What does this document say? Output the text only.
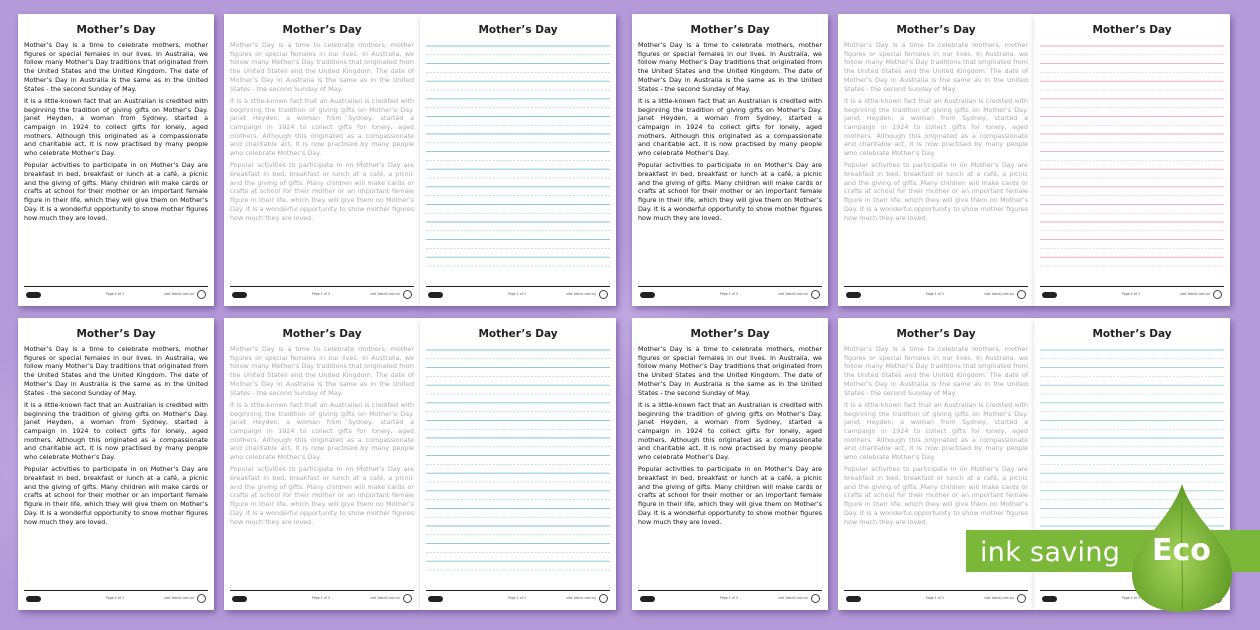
Mother’s Day

Mother’s Day is a time to celebrate mothers, mother figures or special females in our lives. In Australia, we follow many Mother’s Day traditions that originated from the United States and the United Kingdom. The date of Mother’s Day in Australia is the same as in the United States - the second Sunday of May.

It is a little-known fact that an Australian is credited with beginning the tradition of giving gifts on Mother’s Day. Janet Heyden, a woman from Sydney, started a campaign in 1924 to collect gifts for lonely, aged mothers. Although this originated as a compassionate and charitable act, it is now practised by many people who celebrate Mother’s Day.

Popular activities to participate in on Mother’s Day are breakfast in bed, breakfast or lunch at a café, a picnic and the giving of gifts. Many children will make cards or crafts at school for their mother or an important female figure in their life, which they will give them on Mother’s Day. It is a wonderful opportunity to show mother figures how much they are loved.

Page 1 of 3	visit twinkl.com.au
Mother’s Day

Mother’s Day is a time to celebrate mothers, mother figures or special females in our lives. In Australia, we follow many Mother’s Day traditions that originated from the United States and the United Kingdom. The date of Mother’s Day in Australia is the same as in the United States - the second Sunday of May.

It is a little-known fact that an Australian is credited with beginning the tradition of giving gifts on Mother’s Day. Janet Heyden, a woman from Sydney, started a campaign in 1924 to collect gifts for lonely, aged mothers. Although this originated as a compassionate and charitable act, it is now practised by many people who celebrate Mother’s Day.

Popular activities to participate in on Mother’s Day are breakfast in bed, breakfast or lunch at a café, a picnic and the giving of gifts. Many children will make cards or crafts at school for their mother or an important female figure in their life, which they will give them on Mother’s Day. It is a wonderful opportunity to show mother figures how much they are loved.

Page 1 of 3	visit twinkl.com.au
Mother’s Day
Page 1 of 3	visit twinkl.com.au
Mother’s Day

Mother’s Day is a time to celebrate mothers, mother figures or special females in our lives. In Australia, we follow many Mother’s Day traditions that originated from the United States and the United Kingdom. The date of Mother’s Day in Australia is the same as in the United States - the second Sunday of May.

It is a little-known fact that an Australian is credited with beginning the tradition of giving gifts on Mother’s Day. Janet Heyden, a woman from Sydney, started a campaign in 1924 to collect gifts for lonely, aged mothers. Although this originated as a compassionate and charitable act, it is now practised by many people who celebrate Mother’s Day.

Popular activities to participate in on Mother’s Day are breakfast in bed, breakfast or lunch at a café, a picnic and the giving of gifts. Many children will make cards or crafts at school for their mother or an important female figure in their life, which they will give them on Mother’s Day. It is a wonderful opportunity to show mother figures how much they are loved.

Page 1 of 3	visit twinkl.com.au
Mother’s Day

Mother’s Day is a time to celebrate mothers, mother figures or special females in our lives. In Australia, we follow many Mother’s Day traditions that originated from the United States and the United Kingdom. The date of Mother’s Day in Australia is the same as in the United States - the second Sunday of May.

It is a little-known fact that an Australian is credited with beginning the tradition of giving gifts on Mother’s Day. Janet Heyden, a woman from Sydney, started a campaign in 1924 to collect gifts for lonely, aged mothers. Although this originated as a compassionate and charitable act, it is now practised by many people who celebrate Mother’s Day.

Popular activities to participate in on Mother’s Day are breakfast in bed, breakfast or lunch at a café, a picnic and the giving of gifts. Many children will make cards or crafts at school for their mother or an important female figure in their life, which they will give them on Mother’s Day. It is a wonderful opportunity to show mother figures how much they are loved.

Page 1 of 3	visit twinkl.com.au
Mother’s Day
Page 1 of 3	visit twinkl.com.au
Mother’s Day

Mother’s Day is a time to celebrate mothers, mother figures or special females in our lives. In Australia, we follow many Mother’s Day traditions that originated from the United States and the United Kingdom. The date of Mother’s Day in Australia is the same as in the United States - the second Sunday of May.

It is a little-known fact that an Australian is credited with beginning the tradition of giving gifts on Mother’s Day. Janet Heyden, a woman from Sydney, started a campaign in 1924 to collect gifts for lonely, aged mothers. Although this originated as a compassionate and charitable act, it is now practised by many people who celebrate Mother’s Day.

Popular activities to participate in on Mother’s Day are breakfast in bed, breakfast or lunch at a café, a picnic and the giving of gifts. Many children will make cards or crafts at school for their mother or an important female figure in their life, which they will give them on Mother’s Day. It is a wonderful opportunity to show mother figures how much they are loved.

Page 1 of 3	visit twinkl.com.au
Mother’s Day

Mother’s Day is a time to celebrate mothers, mother figures or special females in our lives. In Australia, we follow many Mother’s Day traditions that originated from the United States and the United Kingdom. The date of Mother’s Day in Australia is the same as in the United States - the second Sunday of May.

It is a little-known fact that an Australian is credited with beginning the tradition of giving gifts on Mother’s Day. Janet Heyden, a woman from Sydney, started a campaign in 1924 to collect gifts for lonely, aged mothers. Although this originated as a compassionate and charitable act, it is now practised by many people who celebrate Mother’s Day.

Popular activities to participate in on Mother’s Day are breakfast in bed, breakfast or lunch at a café, a picnic and the giving of gifts. Many children will make cards or crafts at school for their mother or an important female figure in their life, which they will give them on Mother’s Day. It is a wonderful opportunity to show mother figures how much they are loved.

Page 1 of 3	visit twinkl.com.au
Mother’s Day
Page 1 of 3	visit twinkl.com.au
Mother’s Day

Mother’s Day is a time to celebrate mothers, mother figures or special females in our lives. In Australia, we follow many Mother’s Day traditions that originated from the United States and the United Kingdom. The date of Mother’s Day in Australia is the same as in the United States - the second Sunday of May.

It is a little-known fact that an Australian is credited with beginning the tradition of giving gifts on Mother’s Day. Janet Heyden, a woman from Sydney, started a campaign in 1924 to collect gifts for lonely, aged mothers. Although this originated as a compassionate and charitable act, it is now practised by many people who celebrate Mother’s Day.

Popular activities to participate in on Mother’s Day are breakfast in bed, breakfast or lunch at a café, a picnic and the giving of gifts. Many children will make cards or crafts at school for their mother or an important female figure in their life, which they will give them on Mother’s Day. It is a wonderful opportunity to show mother figures how much they are loved.

Page 1 of 3	visit twinkl.com.au
Mother’s Day

Mother’s Day is a time to celebrate mothers, mother figures or special females in our lives. In Australia, we follow many Mother’s Day traditions that originated from the United States and the United Kingdom. The date of Mother’s Day in Australia is the same as in the United States - the second Sunday of May.

It is a little-known fact that an Australian is credited with beginning the tradition of giving gifts on Mother’s Day. Janet Heyden, a woman from Sydney, started a campaign in 1924 to collect gifts for lonely, aged mothers. Although this originated as a compassionate and charitable act, it is now practised by many people who celebrate Mother’s Day.

Popular activities to participate in on Mother’s Day are breakfast in bed, breakfast or lunch at a café, a picnic and the giving of gifts. Many children will make cards or crafts at school for their mother or an important female figure in their life, which they will give them on Mother’s Day. It is a wonderful opportunity to show mother figures how much they are loved.

Page 1 of 3	visit twinkl.com.au
Mother’s Day
Page 1 of 3
ink saving Eco
